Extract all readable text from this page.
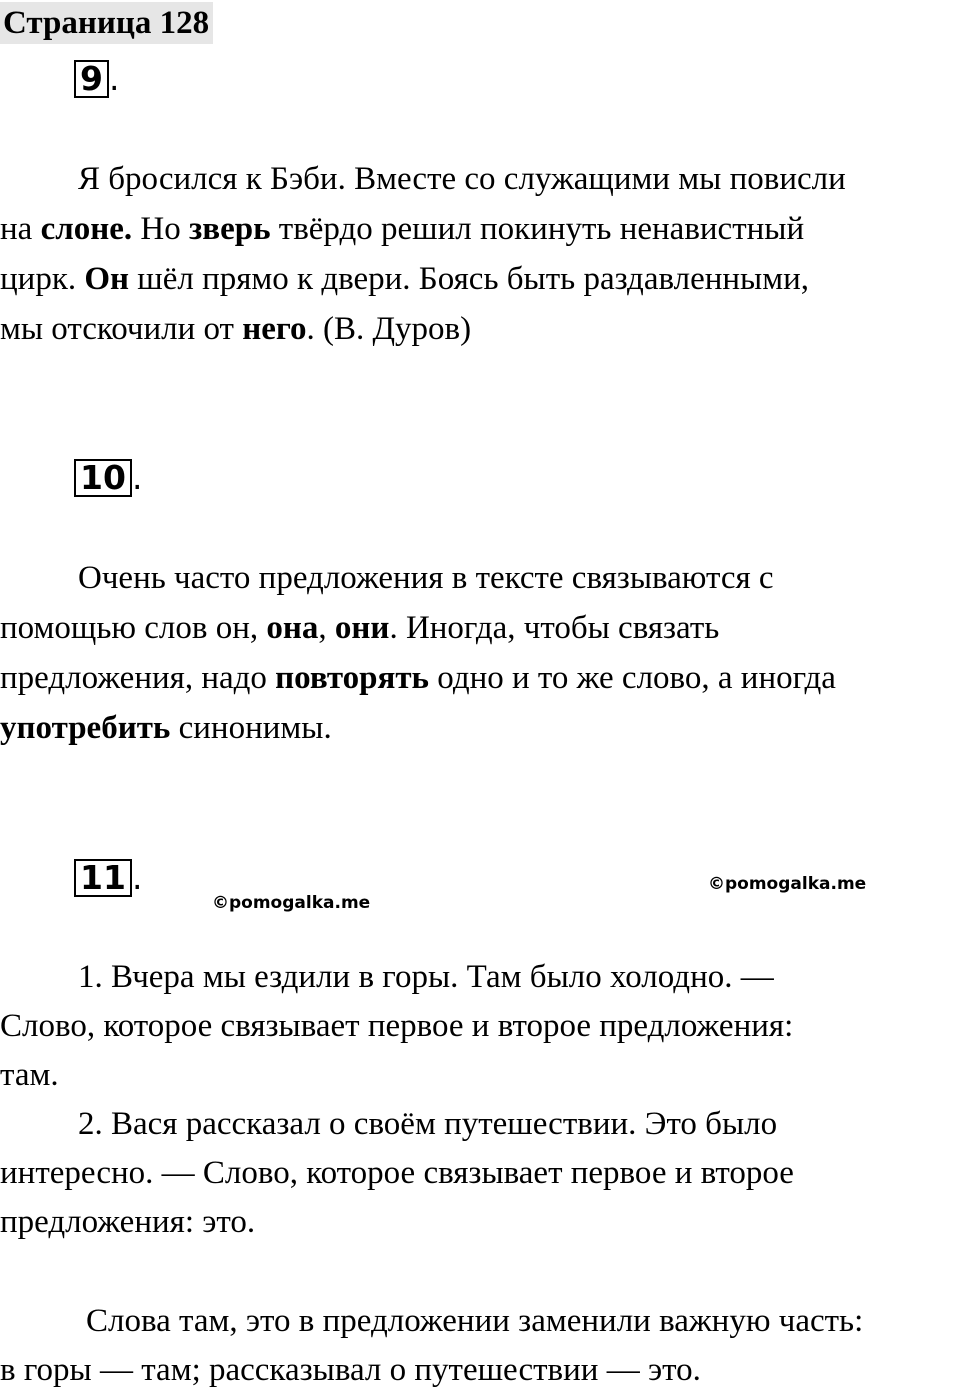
Страница 128
9 .
Я бросился к Бэби. Вместе со служащими мы повисли
на слоне. Но зверь твёрдо решил покинуть ненавистный
цирк. Он шёл прямо к двери. Боясь быть раздавленными,
мы отскочили от него. (В. Дуров)
10 .
Очень часто предложения в тексте связываются с
помощью слов он, она, они. Иногда, чтобы связать
предложения, надо повторять одно и то же слово, а иногда
употребить синонимы.
11 .
©pomogalka.me
©pomogalka.me
1. Вчера мы ездили в горы. Там было холодно. —
Слово, которое связывает первое и второе предложения:
там.
2. Вася рассказал о своём путешествии. Это было
интересно. — Слово, которое связывает первое и второе
предложения: это.
Слова там, это в предложении заменили важную часть:
в горы — там; рассказывал о путешествии — это.
